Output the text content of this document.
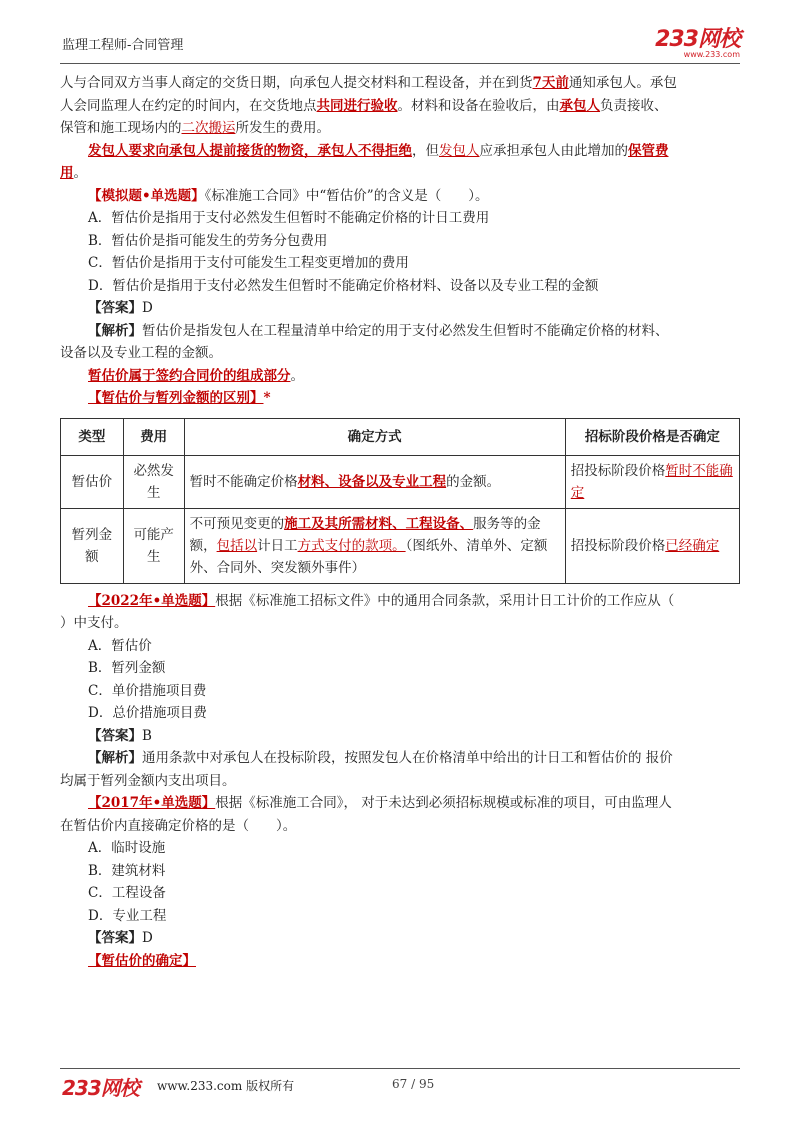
监理工程师-合同管理	233网校
www.233.com

人与合同双方当事人商定的交货日期，向承包人提交材料和工程设备，并在到货7天前通知承包人。承包

人会同监理人在约定的时间内，在交货地点共同进行验收。材料和设备在验收后，由承包人负责接收、

保管和施工现场内的二次搬运所发生的费用。

发包人要求向承包人提前接货的物资，承包人不得拒绝，但发包人应承担承包人由此增加的保管费

用。

【模拟题•单选题】《标准施工合同》中“暂估价”的含义是（　　）。

A．暂估价是指用于支付必然发生但暂时不能确定价格的计日工费用

B．暂估价是指可能发生的劳务分包费用

C．暂估价是指用于支付可能发生工程变更增加的费用

D．暂估价是指用于支付必然发生但暂时不能确定价格材料、设备以及专业工程的金额

【答案】D

【解析】暂估价是指发包人在工程量清单中给定的用于支付必然发生但暂时不能确定价格的材料、

设备以及专业工程的金额。

暂估价属于签约合同价的组成部分。

【暂估价与暂列金额的区别】*

类型	费用	确定方式	招标阶段价格是否确定
暂估价	必然发生	暂时不能确定价格材料、设备以及专业工程的金额。	招投标阶段价格暂时不能确定
暂列金额	可能产生	不可预见变更的施工及其所需材料、工程设备、服务等的金额，包括以计日工方式支付的款项。（图纸外、清单外、定额外、合同外、突发额外事件）	招投标阶段价格已经确定

【2022年•单选题】根据《标准施工招标文件》中的通用合同条款，采用计日工计价的工作应从（

）中支付。

A．暂估价

B．暂列金额

C．单价措施项目费

D．总价措施项目费

【答案】B

【解析】通用条款中对承包人在投标阶段，按照发包人在价格清单中给出的计日工和暂估价的 报价

均属于暂列金额内支出项目。

【2017年•单选题】根据《标准施工合同》， 对于未达到必须招标规模或标准的项目，可由监理人

在暂估价内直接确定价格的是（　　）。

A．临时设施

B．建筑材料

C．工程设备

D．专业工程

【答案】D

【暂估价的确定】

233网校 www.233.com 版权所有	67 / 95
